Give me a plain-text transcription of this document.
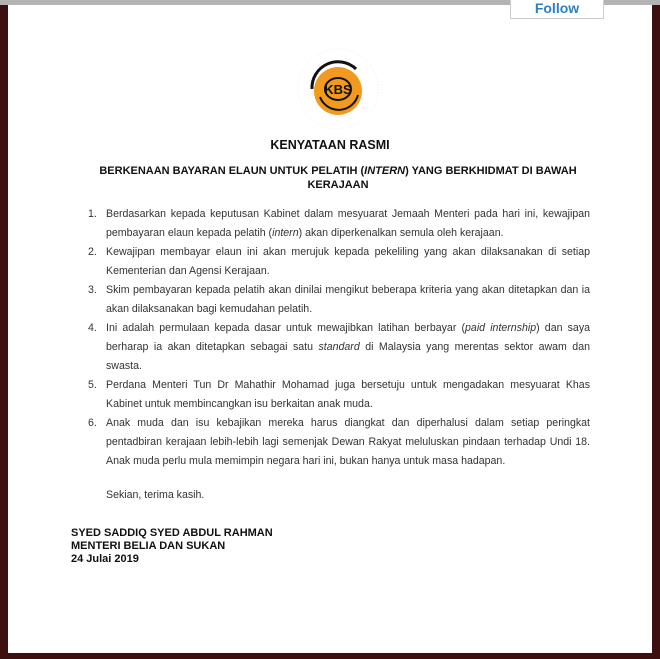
Follow
KBS
KENYATAAN RASMI
BERKENAAN BAYARAN ELAUN UNTUK PELATIH (INTERN) YANG BERKHIDMAT DI BAWAH KERAJAAN
1. Berdasarkan kepada keputusan Kabinet dalam mesyuarat Jemaah Menteri pada hari ini, kewajipan pembayaran elaun kepada pelatih (intern) akan diperkenalkan semula oleh kerajaan.
2. Kewajipan membayar elaun ini akan merujuk kepada pekeliling yang akan dilaksanakan di setiap Kementerian dan Agensi Kerajaan.
3. Skim pembayaran kepada pelatih akan dinilai mengikut beberapa kriteria yang akan ditetapkan dan ia akan dilaksanakan bagi kemudahan pelatih.
4. Ini adalah permulaan kepada dasar untuk mewajibkan latihan berbayar (paid internship) dan saya berharap ia akan ditetapkan sebagai satu standard di Malaysia yang merentas sektor awam dan swasta.
5. Perdana Menteri Tun Dr Mahathir Mohamad juga bersetuju untuk mengadakan mesyuarat Khas Kabinet untuk membincangkan isu berkaitan anak muda.
6. Anak muda dan isu kebajikan mereka harus diangkat dan diperhalusi dalam setiap peringkat pentadbiran kerajaan lebih-lebih lagi semenjak Dewan Rakyat meluluskan pindaan terhadap Undi 18. Anak muda perlu mula memimpin negara hari ini, bukan hanya untuk masa hadapan.
Sekian, terima kasih.
SYED SADDIQ SYED ABDUL RAHMAN
MENTERI BELIA DAN SUKAN
24 Julai 2019
